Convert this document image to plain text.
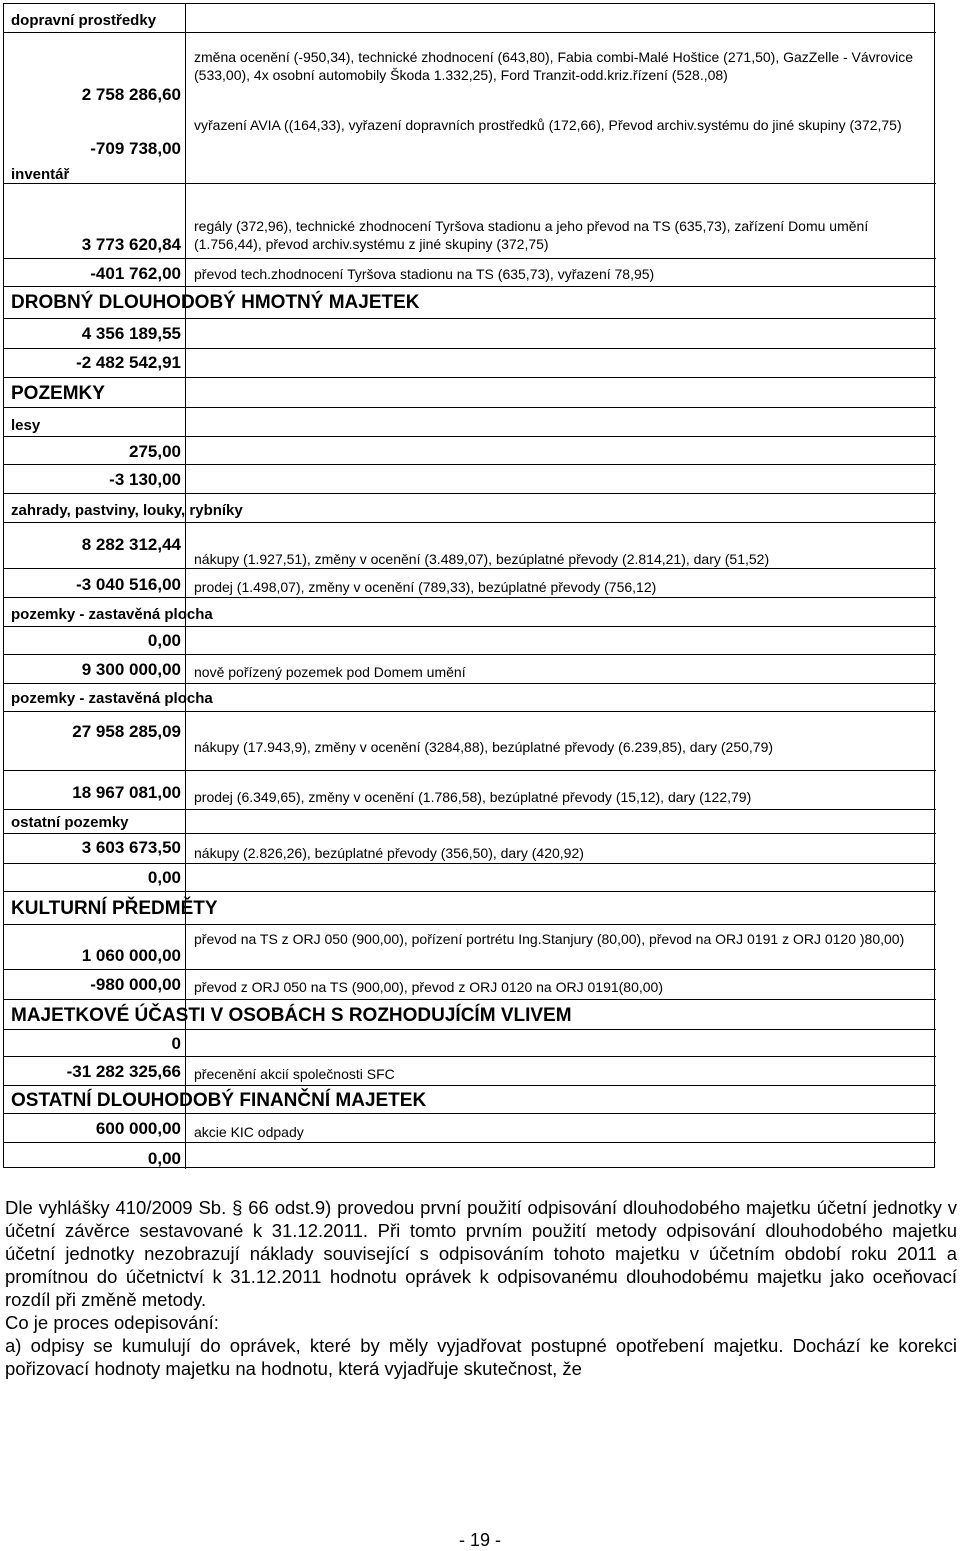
dopravní prostředky
2 758 286,60
změna ocenění (-950,34), technické zhodnocení (643,80), Fabia combi-Malé Hoštice (271,50), GazZelle - Vávrovice (533,00), 4x osobní automobily Škoda 1.332,25), Ford Tranzit-odd.kriz.řízení (528.,08)
-709 738,00
vyřazení AVIA ((164,33), vyřazení dopravních prostředků (172,66), Převod archiv.systému do jiné skupiny (372,75)
inventář
3 773 620,84
regály (372,96), technické zhodnocení Tyršova stadionu a jeho převod na TS (635,73), zařízení Domu umění (1.756,44), převod archiv.systému z jiné skupiny (372,75)
-401 762,00 převod tech.zhodnocení Tyršova stadionu na TS (635,73), vyřazení 78,95)
DROBNÝ DLOUHODOBÝ HMOTNÝ MAJETEK
4 356 189,55
-2 482 542,91
POZEMKY
lesy
275,00
-3 130,00
zahrady, pastviny, louky, rybníky
8 282 312,44
nákupy (1.927,51), změny v ocenění (3.489,07), bezúplatné převody (2.814,21), dary (51,52)
-3 040 516,00 prodej (1.498,07), změny v ocenění (789,33), bezúplatné převody (756,12)
pozemky - zastavěná plocha
0,00
9 300 000,00 nově pořízený pozemek pod Domem umění
pozemky - zastavěná plocha
27 958 285,09
nákupy (17.943,9), změny v ocenění (3284,88), bezúplatné převody (6.239,85), dary (250,79)
18 967 081,00 prodej (6.349,65), změny v ocenění (1.786,58), bezúplatné převody (15,12), dary (122,79)
ostatní pozemky
3 603 673,50 nákupy (2.826,26), bezúplatné převody (356,50), dary (420,92)
0,00
KULTURNÍ PŘEDMĚTY
1 060 000,00
převod na TS z ORJ 050 (900,00), pořízení portrétu Ing.Stanjury (80,00), převod na ORJ 0191 z ORJ 0120 )80,00)
-980 000,00 převod z ORJ 050 na TS (900,00), převod z ORJ 0120 na ORJ 0191(80,00)
MAJETKOVÉ ÚČASTI V OSOBÁCH S ROZHODUJÍCÍM VLIVEM
0
-31 282 325,66 přecenění akcií společnosti SFC
OSTATNÍ DLOUHODOBÝ FINANČNÍ MAJETEK
600 000,00 akcie KIC odpady
0,00

Dle vyhlášky 410/2009 Sb. § 66 odst.9) provedou první použití odpisování dlouhodobého majetku účetní jednotky v účetní závěrce sestavované k 31.12.2011. Při tomto prvním použití metody odpisování dlouhodobého majetku účetní jednotky nezobrazují náklady související s odpisováním tohoto majetku v účetním období roku 2011 a promítnou do účetnictví k 31.12.2011 hodnotu oprávek k odpisovanému dlouhodobému majetku jako oceňovací rozdíl při změně metody.

Co je proces odepisování:

a) odpisy se kumulují do oprávek, které by měly vyjadřovat postupné opotřebení majetku. Dochází ke korekci pořizovací hodnoty majetku na hodnotu, která vyjadřuje skutečnost, že

- 19 -
